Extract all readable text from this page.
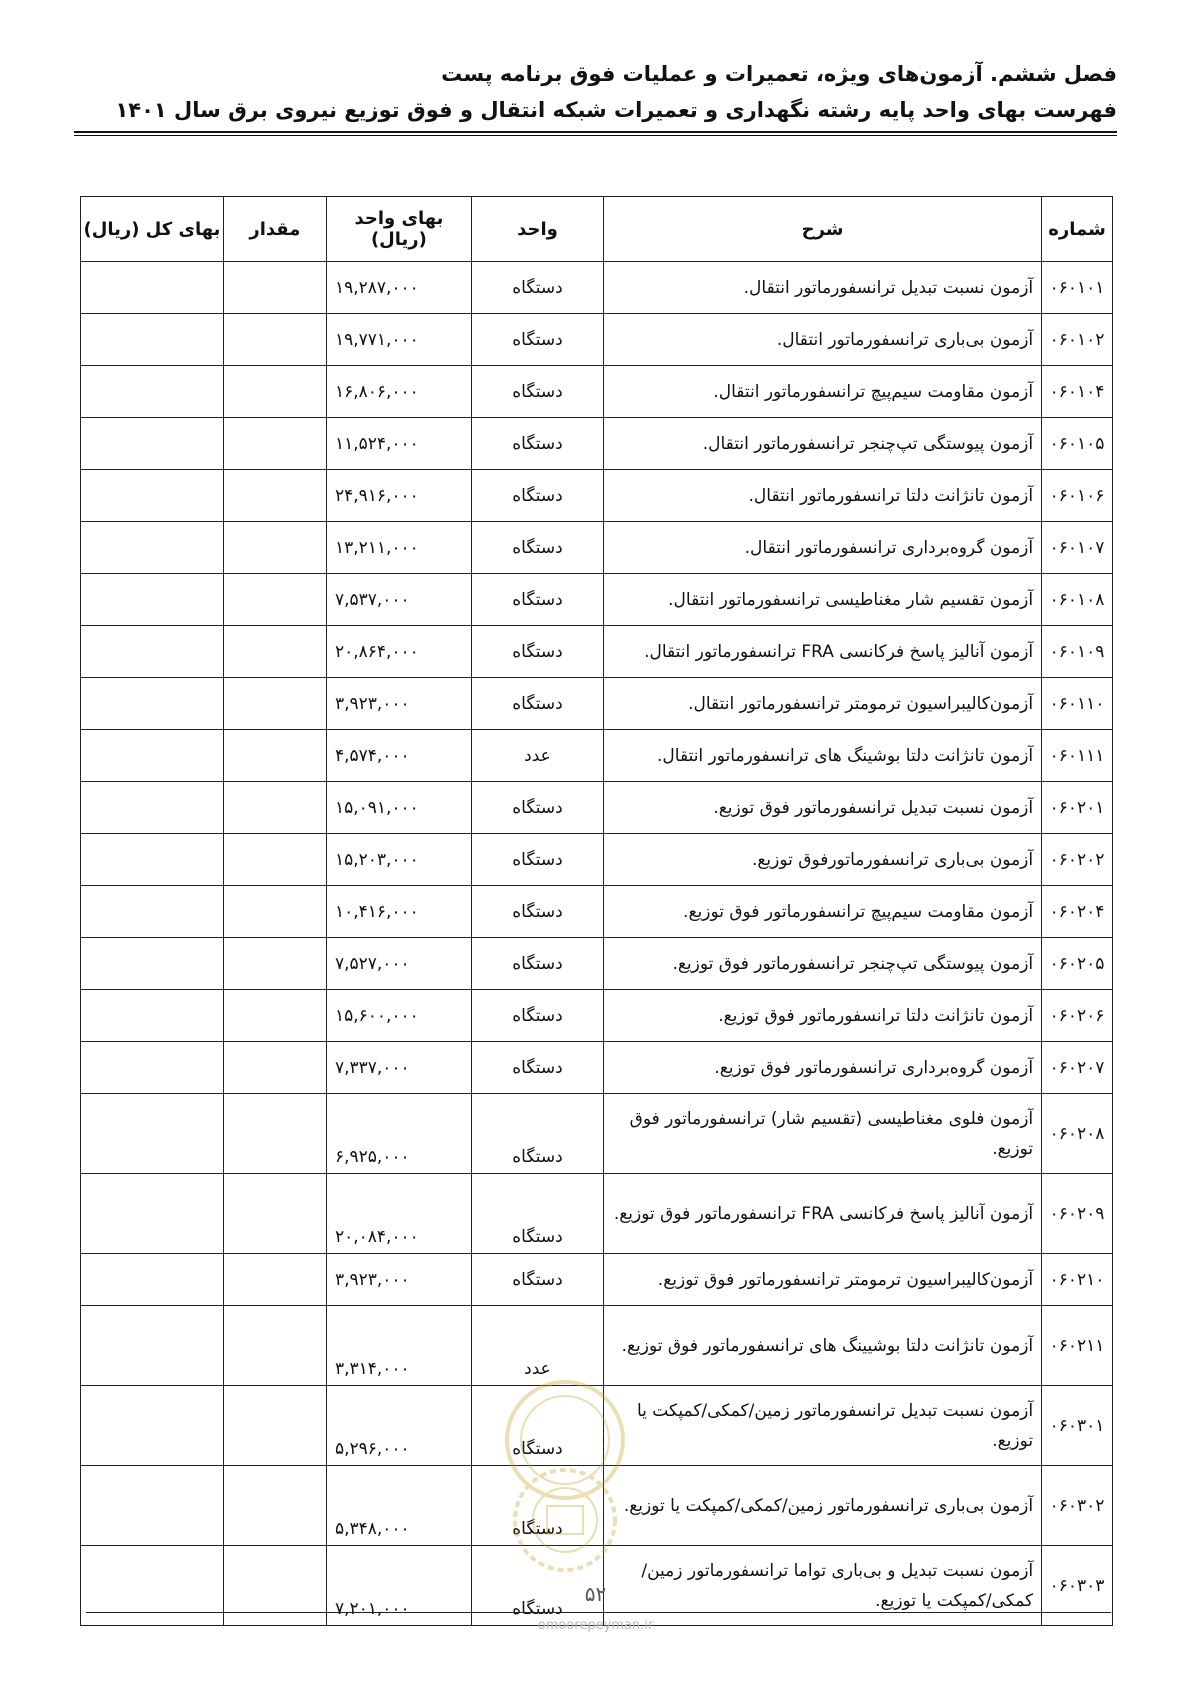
فصل ششم. آزمون‌های ویژه، تعمیرات و عملیات فوق برنامه پست
فهرست بهای واحد پایه رشته نگهداری و تعمیرات شبکه انتقال و فوق توزیع نیروی برق سال ۱۴۰۱
شماره	شرح	واحد	بهای واحد (ریال)	مقدار	بهای کل (ریال)
۰۶۰۱۰۱	آزمون نسبت تبدیل ترانسفورماتور انتقال.	دستگاه	۱۹,۲۸۷,۰۰۰		
۰۶۰۱۰۲	آزمون بی‌باری ترانسفورماتور انتقال.	دستگاه	۱۹,۷۷۱,۰۰۰		
۰۶۰۱۰۴	آزمون مقاومت سیم‌پیچ ترانسفورماتور انتقال.	دستگاه	۱۶,۸۰۶,۰۰۰		
۰۶۰۱۰۵	آزمون پیوستگی تپ‌چنجر ترانسفورماتور انتقال.	دستگاه	۱۱,۵۲۴,۰۰۰		
۰۶۰۱۰۶	آزمون تانژانت دلتا ترانسفورماتور انتقال.	دستگاه	۲۴,۹۱۶,۰۰۰		
۰۶۰۱۰۷	آزمون گروه‌برداری ترانسفورماتور انتقال.	دستگاه	۱۳,۲۱۱,۰۰۰		
۰۶۰۱۰۸	آزمون تقسیم شار مغناطیسی ترانسفورماتور انتقال.	دستگاه	۷,۵۳۷,۰۰۰		
۰۶۰۱۰۹	آزمون آنالیز پاسخ فرکانسی FRA ترانسفورماتور انتقال.	دستگاه	۲۰,۸۶۴,۰۰۰		
۰۶۰۱۱۰	آزمون‌کالیبراسیون ترمومتر ترانسفورماتور انتقال.	دستگاه	۳,۹۲۳,۰۰۰		
۰۶۰۱۱۱	آزمون تانژانت دلتا بوشینگ های ترانسفورماتور انتقال.	عدد	۴,۵۷۴,۰۰۰		
۰۶۰۲۰۱	آزمون نسبت تبدیل ترانسفورماتور فوق توزیع.	دستگاه	۱۵,۰۹۱,۰۰۰		
۰۶۰۲۰۲	آزمون بی‌باری ترانسفورماتورفوق توزیع.	دستگاه	۱۵,۲۰۳,۰۰۰		
۰۶۰۲۰۴	آزمون مقاومت سیم‌پیچ ترانسفورماتور فوق توزیع.	دستگاه	۱۰,۴۱۶,۰۰۰		
۰۶۰۲۰۵	آزمون پیوستگی تپ‌چنجر ترانسفورماتور فوق توزیع.	دستگاه	۷,۵۲۷,۰۰۰		
۰۶۰۲۰۶	آزمون تانژانت دلتا ترانسفورماتور فوق توزیع.	دستگاه	۱۵,۶۰۰,۰۰۰		
۰۶۰۲۰۷	آزمون گروه‌برداری ترانسفورماتور فوق توزیع.	دستگاه	۷,۳۳۷,۰۰۰		
۰۶۰۲۰۸	آزمون فلوی مغناطیسی (تقسیم شار) ترانسفورماتور فوق توزیع.	دستگاه	۶,۹۲۵,۰۰۰		
۰۶۰۲۰۹	آزمون آنالیز پاسخ فرکانسی FRA ترانسفورماتور فوق توزیع.	دستگاه	۲۰,۰۸۴,۰۰۰		
۰۶۰۲۱۰	آزمون‌کالیبراسیون ترمومتر ترانسفورماتور فوق توزیع.	دستگاه	۳,۹۲۳,۰۰۰		
۰۶۰۲۱۱	آزمون تانژانت دلتا بوشیینگ های ترانسفورماتور فوق توزیع.	عدد	۳,۳۱۴,۰۰۰		
۰۶۰۳۰۱	آزمون نسبت تبدیل ترانسفورماتور زمین/کمکی/کمپکت یا توزیع.	دستگاه	۵,۲۹۶,۰۰۰		
۰۶۰۳۰۲	آزمون بی‌باری ترانسفورماتور زمین/کمکی/کمپکت یا توزیع.	دستگاه	۵,۳۴۸,۰۰۰		
۰۶۰۳۰۳	آزمون نسبت تبدیل و بی‌باری تواما ترانسفورماتور زمین/کمکی/کمپکت یا توزیع.	دستگاه	۷,۲۰۱,۰۰۰		
۵۲
omoorepeyman.ir
